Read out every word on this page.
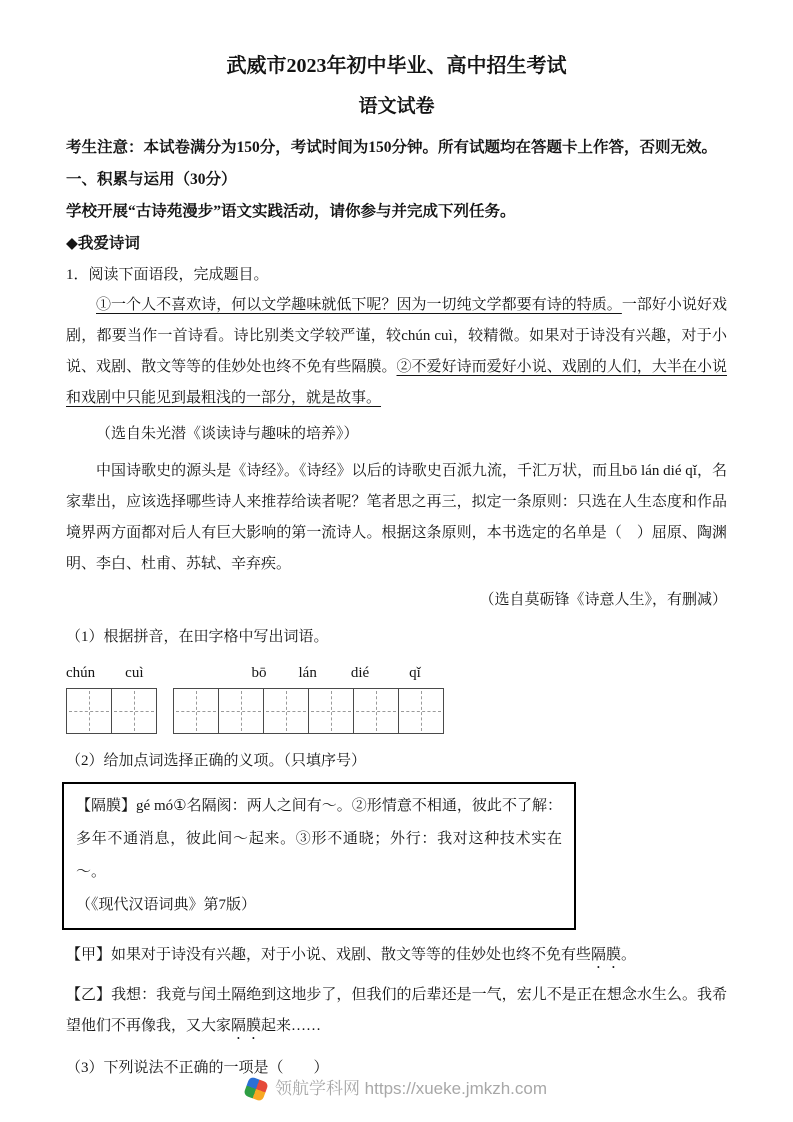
武威市2023年初中毕业、高中招生考试
语文试卷

考生注意：本试卷满分为150分，考试时间为150分钟。所有试题均在答题卡上作答，否则无效。

一、积累与运用（30分）

学校开展“古诗苑漫步”语文实践活动，请你参与并完成下列任务。

◆我爱诗词

1．阅读下面语段，完成题目。

①一个人不喜欢诗，何以文学趣味就低下呢？因为一切纯文学都要有诗的特质。一部好小说好戏剧，都要当作一首诗看。诗比别类文学较严谨，较chún cuì，较精微。如果对于诗没有兴趣，对于小说、戏剧、散文等等的佳妙处也终不免有些隔膜。②不爱好诗而爱好小说、戏剧的人们，大半在小说和戏剧中只能见到最粗浅的一部分，就是故事。

（选自朱光潜《谈读诗与趣味的培养》）

中国诗歌史的源头是《诗经》。《诗经》以后的诗歌史百派九流，千汇万状，而且bō lán dié qǐ，名家辈出，应该选择哪些诗人来推荐给读者呢？笔者思之再三，拟定一条原则：只选在人生态度和作品境界两方面都对后人有巨大影响的第一流诗人。根据这条原则，本书选定的名单是（　）屈原、陶渊明、李白、杜甫、苏轼、辛弃疾。

（选自莫砺锋《诗意人生》，有删减）

（1）根据拼音，在田字格中写出词语。

chún cuì	bō lán dié	qǐ

（2）给加点词选择正确的义项。（只填序号）

【隔膜】gé mó①名隔阂：两人之间有～。②形情意不相通，彼此不了解：多年不通消息，彼此间～起来。③形不通晓；外行：我对这种技术实在～。

（《现代汉语词典》第7版）

【甲】如果对于诗没有兴趣，对于小说、戏剧、散文等等的佳妙处也终不免有些隔膜。

【乙】我想：我竟与闰土隔绝到这地步了，但我们的后辈还是一气，宏儿不是正在想念水生么。我希望他们不再像我，又大家隔膜起来……

（3）下列说法不正确的一项是（　　）

领航学科网 https://xueke.jmkzh.com
